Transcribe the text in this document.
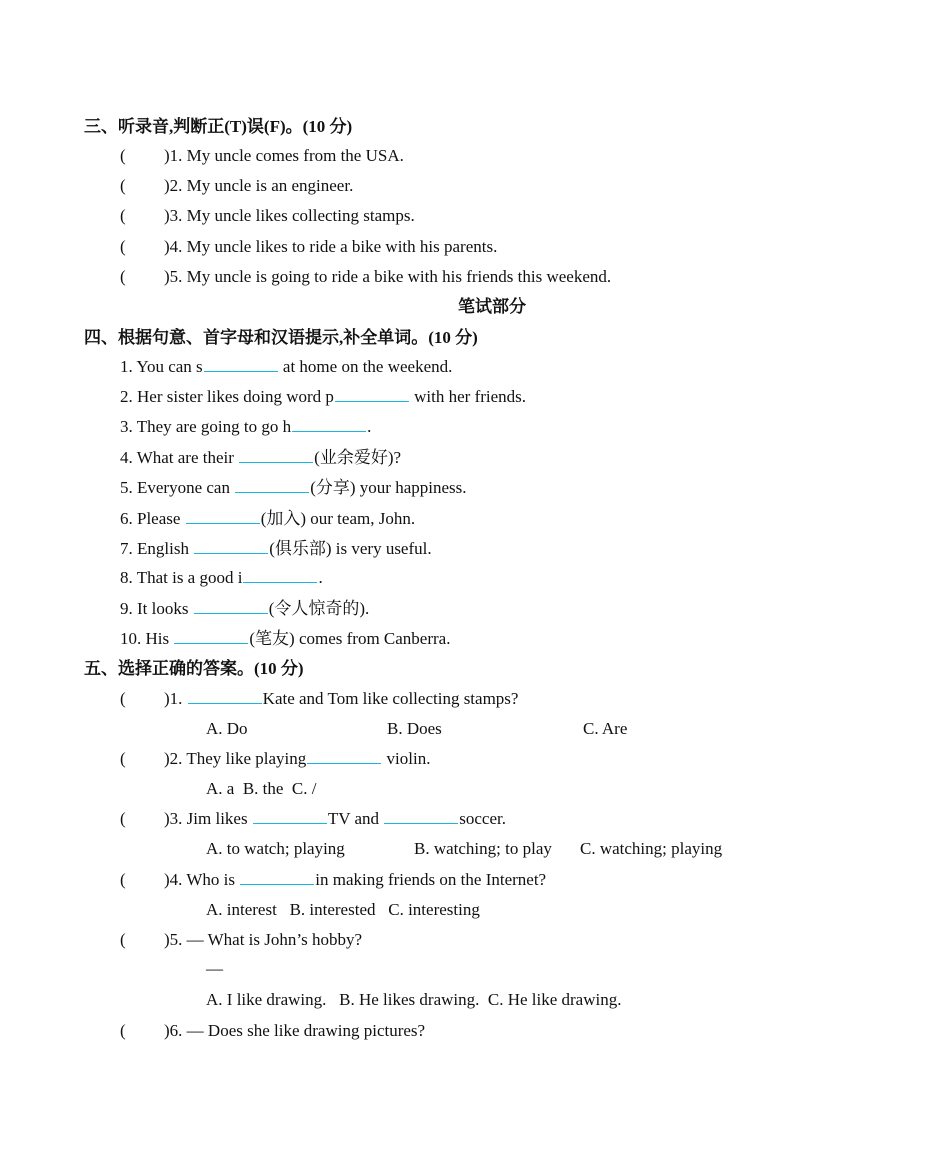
三、听录音,判断正(T)误(F)。(10 分)
( )1. My uncle comes from the USA.
( )2. My uncle is an engineer.
( )3. My uncle likes collecting stamps.
( )4. My uncle likes to ride a bike with his parents.
( )5. My uncle is going to ride a bike with his friends this weekend.
笔试部分
四、根据句意、首字母和汉语提示,补全单词。(10 分)
1. You can s	at home on the weekend.
2. Her sister likes doing word p	with her friends.
3. They are going to go h	.
4. What are their	(业余爱好)?
5. Everyone can	(分享) your happiness.
6. Please	(加入) our team, John.
7. English	(俱乐部) is very useful.
8. That is a good i	.
9. It looks	(令人惊奇的).
10. His	(笔友) comes from Canberra.
五、选择正确的答案。(10 分)
( )1.	Kate and Tom like collecting stamps?
A. Do	B. Does	C. Are
( )2. They like playing	violin.
A. a  B. the  C. /
( )3. Jim likes	TV and	soccer.
A. to watch; playing	B. watching; to play C. watching; playing
( )4. Who is	in making friends on the Internet?
A. interest   B. interested   C. interesting
( )5. — What is John’s hobby?
—
A. I like drawing.   B. He likes drawing.  C. He like drawing.
( )6. — Does she like drawing pictures?
